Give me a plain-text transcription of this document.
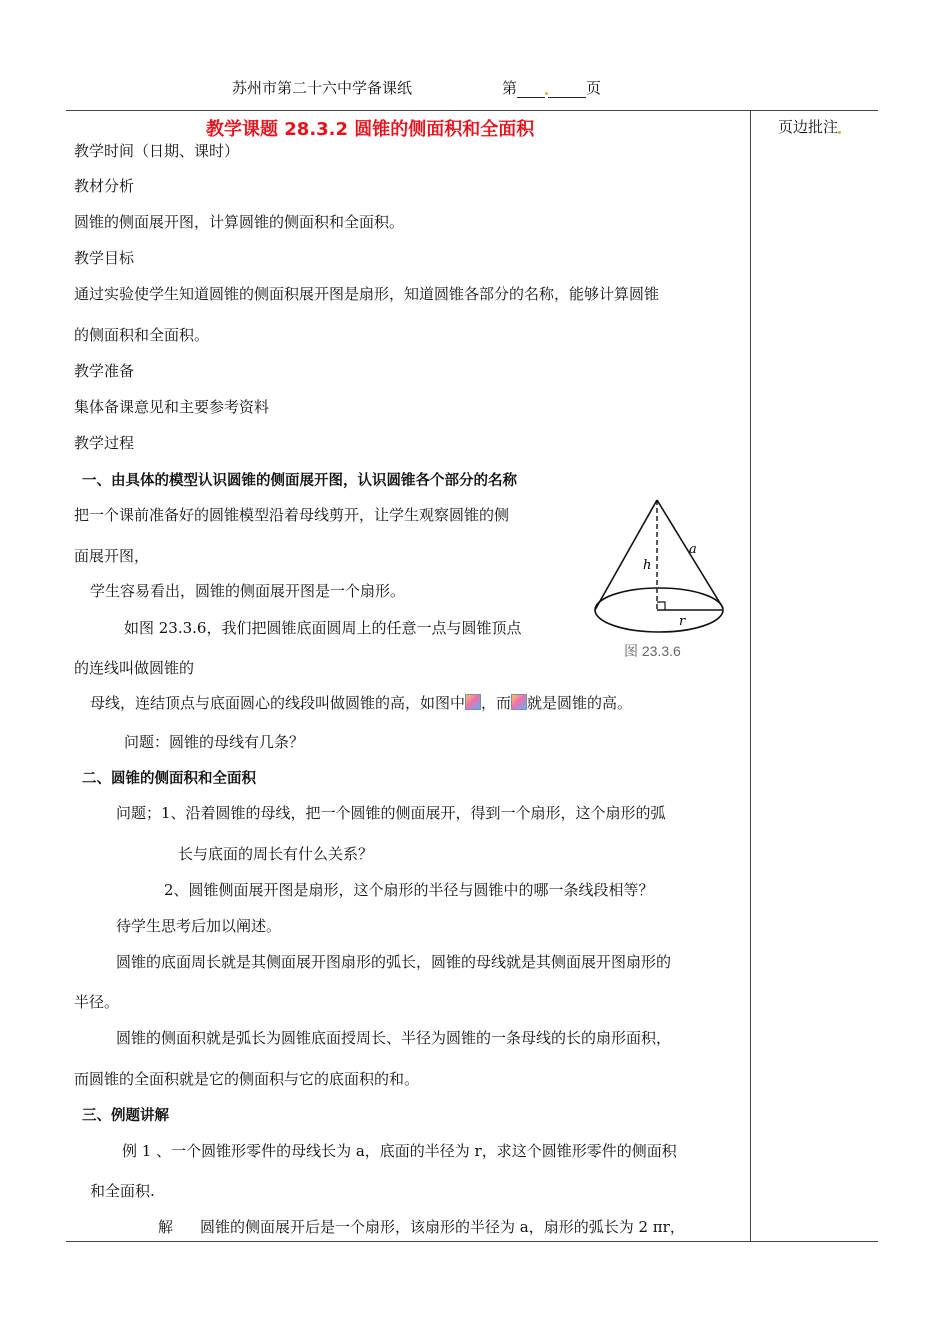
苏州市第二十六中学备课纸	第	页
页边批注
教学课题 28.3.2 圆锥的侧面积和全面积
教学时间（日期、课时）
教材分析
圆锥的侧面展开图，计算圆锥的侧面积和全面积。
教学目标
通过实验使学生知道圆锥的侧面积展开图是扇形，知道圆锥各部分的名称，能够计算圆锥
的侧面积和全面积。
教学准备
集体备课意见和主要参考资料
教学过程
一、由具体的模型认识圆锥的侧面展开图，认识圆锥各个部分的名称
把一个课前准备好的圆锥模型沿着母线剪开，让学生观察圆锥的侧
面展开图，
学生容易看出，圆锥的侧面展开图是一个扇形。
如图 23.3.6，我们把圆锥底面圆周上的任意一点与圆锥顶点
的连线叫做圆锥的
母线，连结顶点与底面圆心的线段叫做圆锥的高，如图中 ，而 就是圆锥的高。
问题：圆锥的母线有几条？
a
h
r
图 23.3.6
二、圆锥的侧面积和全面积
问题；1、沿着圆锥的母线，把一个圆锥的侧面展开，得到一个扇形，这个扇形的弧
长与底面的周长有什么关系？
2、圆锥侧面展开图是扇形，这个扇形的半径与圆锥中的哪一条线段相等？
待学生思考后加以阐述。
圆锥的底面周长就是其侧面展开图扇形的弧长，圆锥的母线就是其侧面展开图扇形的
半径。
圆锥的侧面积就是弧长为圆锥底面授周长、半径为圆锥的一条母线的长的扇形面积，
而圆锥的全面积就是它的侧面积与它的底面积的和。
三、例题讲解
例 1 、一个圆锥形零件的母线长为 a，底面的半径为 r，求这个圆锥形零件的侧面积
和全面积.
解 圆锥的侧面展开后是一个扇形，该扇形的半径为 a，扇形的弧长为 2 πr，
